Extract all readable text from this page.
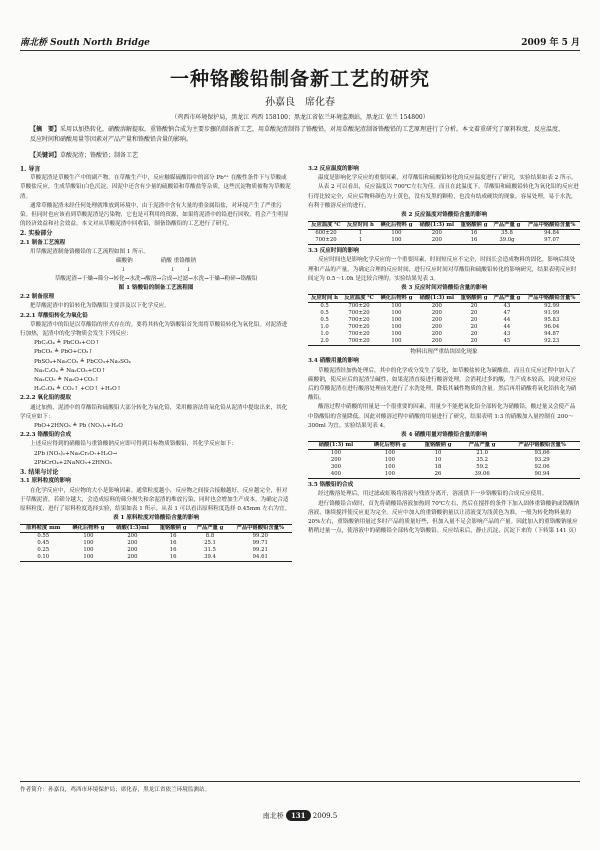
南北桥 South North Bridge	2009 年 5 月
一种铬酸铅制备新工艺的研究
孙嘉良　席化春
（鸡西市环境保护局，黑龙江 鸡西 158100；黑龙江省依兰环境监测站，黑龙江 依兰 154800）
【摘　要】采用以加热转化，硝酸溶解提取，重铬酸钠合成为主要步骤的制备新工艺，用草酸泥渣制得了铬酸铅，对用草酸泥渣制备铬酸铅的工艺原理进行了分析。本文着重研究了原料粒度、反应温度、反应时间和硝酸用量等因素对产品产量和铬酸铅含量的影响。
【关键词】草酸泥渣；铬酸铅；制备工艺
1. 导言

草酸泥渣是草酸生产中的副产物。在草酸生产中，反应触媒硫酸铅中的部分 Pb²⁺ 在酸性条件下与草酸或草酸盐反应，生成草酸铅(白色沉淀，因泥中还含有少量的硫酸铅和草酸盐等杂质，这些沉淀物质被称为草酸泥渣。

通常草酸泥渣未经任何处理就堆放到环境中，由于泥渣中含有大量的重金属铅盐，对环境产生了严重污染。但同时也应该看到草酸泥渣是污染物，它也是可利用的资源，如果将泥渣中的铅进行回收，将会产生明显的经济效益和社会效益。本文对从草酸泥渣中回收铅，制备铬酸铅的工艺进行了研究。

2. 实验部分
2.1 制备工艺流程

用草酸泥渣制备铬酸铅的工艺流程如图 1 所示。

碳酸钠　　　　　硝酸 重铬酸钠
↓　　　　　　　　↓　　↓
草酸泥渣→干燥→筛分→转化→水洗→酸溶→合成→过滤→水洗→干燥→粉碎→铬酸铅
图 1 铬酸铅的制备工艺流程图
2.2 制备原理

把草酸泥渣中的铅转化为铬酸铅主要涉及以下化学反应。

2.2.1 草酸铅转化为氧化铅

草酸泥渣中的铅是以草酸铅的形式存在的。要将其转化为铬酸铅首先需将草酸铅转化为氧化铅。对泥渣进行加热，泥渣中的化学物质会发生下列反应：

PbC₂O₄ ≜ PbCO₃+CO↑

PbCO₃ ≜ PbO+CO₂↑

PbSO₄+Na₂CO₃ ≜ PbCO₃+Na₂SO₄

Na₂C₂O₄ ≜ Na₂CO₃+CO↑

Na₂CO₃ ≜ Na₂O+CO₂↑

H₂C₂O₄ ≜ CO₂↑ +CO↑ +H₂O↑

2.2.2 氧化铅的提取

通过加热，泥渣中的草酸铅和硫酸铅大部分转化为氧化铅，采用酸溶法将氧化铅从泥渣中提取出来，其化学反应如下：

PbO+2HNO₃ ≜ Pb (NO₃)₂+H₂O

2.2.3 铬酸铅的合成

上述反应得到的硝酸铅与重铬酸钠反应即可得到目标物质铬酸铅，其化学反应如下：

2Pb (NO₃)₂+Na₂Cr₂O₇+H₂O→

2PbCrO₄+2NaNO₃+2HNO₃

3. 结果与讨论
3.1 原料粒度的影响

在化学反应中，反应物的大小是影响因素。通常粒度越小，反应物之间接合接触越好，反应越完全，但对于草酸泥渣，若筛分越大，会造成原料的筛分损失和余泥渣的堆放污染，同时也会增加生产成本。为确定合适原料粒度，进行了原料粒度选择实验，结果如表 1 所示。从表 1 可以看出原料粒度选择 0.45mm 左右为宜。

表 1 原料粒度对铬酸铅含量的影响
原料粒度 mm	碘化后物料 g	硝酸(1:3)ml	重铬酸钠 g	产品产量 g	产品中铬酸铅含量%
0.55	100	200	16	8.8	99.20
0.45	100	200	16	25.1	99.71
0.25	100	200	16	31.5	99.21
0.10	100	200	16	39.4	94.61
3.2 反应温度的影响

温度是影响化学反应的重要因素，对草酸铅和硫酸铅转化的反应温度进行了研究，实验结果如表 2 所示。

从表 2 可以看出，反应温度以 700℃左右为佳。而且在此温度下，草酸铅和硫酸铅转化为氧化铅的反应进行得比较完全，反应后物料颜色为土黄色，没有发黑的颗粒，也没有结成硬块的现象，容易处理，易于水洗，有利于酸溶反应的进行。

表 2 反应温度对铬酸铅含量的影响
反应温度 ℃	反应时间 h	碘化后物料 g	硝酸(1:3) ml	重铬酸钠 g	产品产量 g	产品中铬酸铅含量%
600±20	1	100	200	16	35.8	94.84
700±20	1	100	200	16	39.0g	97.07
3.3 反应时间的影响

反应时间也是影响化学反应的一个重要因素，时间短反应不完全，时间长会造成物料的固化。影响后续处理和产品的产量。为确定合理的反应时间，进行反应时间对草酸铅和硫酸铅转化的影响研究，结果表明反应时间定为 0.5～1.0h 是比较合理的。实验结果见表 3。

表 3 反应时间对铬酸铅含量的影响
反应时间 h	反应温度 ℃	碘化后物料 g	硝酸(1:3) ml	重铬酸钠 g	产品产量 g	产品中铬酸铅含量%
0.5	700±20	100	200	20	43	92.99
0.5	700±20	100	200	20	47	91.99
0.5	700±20	100	200	20	44	95.83
1.0	700±20	100	200	20	44	96.04
1.0	700±20	100	200	20	43	94.87
2.0	700±20	100	200	20	45	92.23
物料出现严重结块固化现象
3.4 硝酸用量的影响

草酸泥渣经加热处理后，其中的化学成分发生了变化，如草酸盐转化为碳酸盐，而且在反应过程中加入了碳酸钠，使反应后的泥渣呈碱性，如果泥渣直接进行酸溶处理，会消耗过多的酸，生产成本较高，因此对反应后的草酸泥渣在进行酸溶处理前先进行了水洗处理，降低其碱性物质的含量。然后再用硝酸将氧化铅转化为硝酸铅。

酸溶过程中硝酸的用量是一个很重要的因素，用量少不能把氧化铅全部转化为硝酸铅，酸过量又会使产品中铬酸铅的含量降低。因此对酸溶过程中硝酸的用量进行了研究，结果表明 1:3 的硝酸加入量控制在 200～300ml 为宜。实验结果见表 4。

表 4 硝酸用量对铬酸铅含量的影响
硝酸(1:3) ml	碘化后物料 g	重铬酸钠 g	产品产量 g	产品中铬酸铅含量%
100	100	10	21.0	93.66
200	100	10	35.2	93.29
300	100	18	59.2	92.06
400	100	26	39.06	90.94
3.5 铬酸铅的合成

经过酸溶处理后，用过滤或虹吸将溶液与残渣分离开，溶液供下一步铬酸铅的合成反应使用。

进行铬酸铅合成时，首先将硝酸铅溶液加热到 70℃左右，然后在搅拌的条件下加入固体重铬酸钠或铬酸钠溶液，继续搅拌使反应更为完全。反应中加入的重铬酸钠量以让清液变为浅黄色为准，一般为转化物料量的 20%左右，重铬酸钠用量过多时产品的质量好些，但加入量不足会影响产品的产量。因此加入的重铬酸钠量应稍稍过量一点，使溶液中的硝酸铅全部转化为铬酸铅。反应结束后，静止沉淀，沉淀下来的（下转第 141 页）

作者简介：孙嘉良，鸡西市环境保护局；席化春，黑龙江省依兰环境监测站。
南北桥 131 2009.5
